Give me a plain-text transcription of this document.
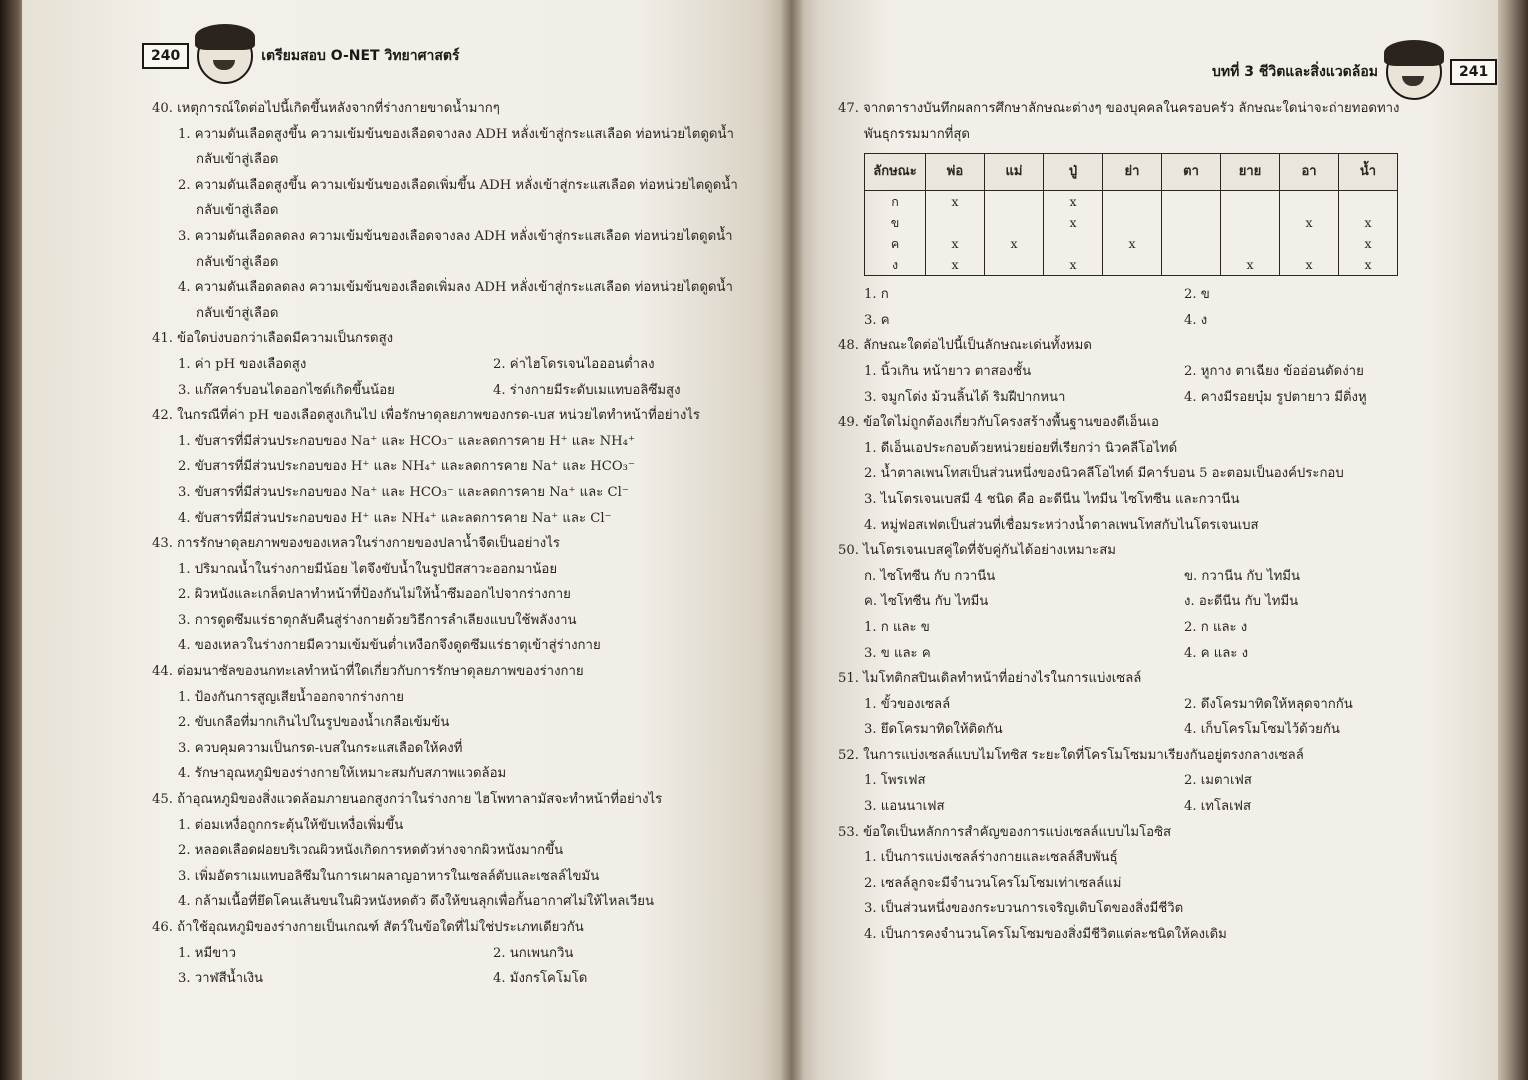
240	เตรียมสอบ O-NET วิทยาศาสตร์

40. เหตุการณ์ใดต่อไปนี้เกิดขึ้นหลังจากที่ร่างกายขาดน้ำมากๆ

1. ความดันเลือดสูงขึ้น ความเข้มข้นของเลือดจางลง ADH หลั่งเข้าสู่กระแสเลือด ท่อหน่วยไตดูดน้ำ

กลับเข้าสู่เลือด

2. ความดันเลือดสูงขึ้น ความเข้มข้นของเลือดเพิ่มขึ้น ADH หลั่งเข้าสู่กระแสเลือด ท่อหน่วยไตดูดน้ำ

กลับเข้าสู่เลือด

3. ความดันเลือดลดลง ความเข้มข้นของเลือดจางลง ADH หลั่งเข้าสู่กระแสเลือด ท่อหน่วยไตดูดน้ำ

กลับเข้าสู่เลือด

4. ความดันเลือดลดลง ความเข้มข้นของเลือดเพิ่มลง ADH หลั่งเข้าสู่กระแสเลือด ท่อหน่วยไตดูดน้ำ

กลับเข้าสู่เลือด

41. ข้อใดบ่งบอกว่าเลือดมีความเป็นกรดสูง

1. ค่า pH ของเลือดสูง	2. ค่าไฮโดรเจนไอออนต่ำลง

3. แก๊สคาร์บอนไดออกไซด์เกิดขึ้นน้อย	4. ร่างกายมีระดับเมแทบอลิซึมสูง

42. ในกรณีที่ค่า pH ของเลือดสูงเกินไป เพื่อรักษาดุลยภาพของกรด-เบส หน่วยไตทำหน้าที่อย่างไร

1. ขับสารที่มีส่วนประกอบของ Na⁺ และ HCO₃⁻ และลดการคาย H⁺ และ NH₄⁺

2. ขับสารที่มีส่วนประกอบของ H⁺ และ NH₄⁺ และลดการคาย Na⁺ และ HCO₃⁻

3. ขับสารที่มีส่วนประกอบของ Na⁺ และ HCO₃⁻ และลดการคาย Na⁺ และ Cl⁻

4. ขับสารที่มีส่วนประกอบของ H⁺ และ NH₄⁺ และลดการคาย Na⁺ และ Cl⁻

43. การรักษาดุลยภาพของของเหลวในร่างกายของปลาน้ำจืดเป็นอย่างไร

1. ปริมาณน้ำในร่างกายมีน้อย ไตจึงขับน้ำในรูปปัสสาวะออกมาน้อย

2. ผิวหนังและเกล็ดปลาทำหน้าที่ป้องกันไม่ให้น้ำซึมออกไปจากร่างกาย

3. การดูดซึมแร่ธาตุกลับคืนสู่ร่างกายด้วยวิธีการลำเลียงแบบใช้พลังงาน

4. ของเหลวในร่างกายมีความเข้มข้นต่ำเหงือกจึงดูดซึมแร่ธาตุเข้าสู่ร่างกาย

44. ต่อมนาซัลของนกทะเลทำหน้าที่ใดเกี่ยวกับการรักษาดุลยภาพของร่างกาย

1. ป้องกันการสูญเสียน้ำออกจากร่างกาย

2. ขับเกลือที่มากเกินไปในรูปของน้ำเกลือเข้มข้น

3. ควบคุมความเป็นกรด-เบสในกระแสเลือดให้คงที่

4. รักษาอุณหภูมิของร่างกายให้เหมาะสมกับสภาพแวดล้อม

45. ถ้าอุณหภูมิของสิ่งแวดล้อมภายนอกสูงกว่าในร่างกาย ไฮโพทาลามัสจะทำหน้าที่อย่างไร

1. ต่อมเหงื่อถูกกระตุ้นให้ขับเหงื่อเพิ่มขึ้น

2. หลอดเลือดฝอยบริเวณผิวหนังเกิดการหดตัวห่างจากผิวหนังมากขึ้น

3. เพิ่มอัตราเมแทบอลิซึมในการเผาผลาญอาหารในเซลล์ตับและเซลล์ไขมัน

4. กล้ามเนื้อที่ยึดโคนเส้นขนในผิวหนังหดตัว ดึงให้ขนลุกเพื่อกั้นอากาศไม่ให้ไหลเวียน

46. ถ้าใช้อุณหภูมิของร่างกายเป็นเกณฑ์ สัตว์ในข้อใดที่ไม่ใช่ประเภทเดียวกัน

1. หมีขาว	2. นกเพนกวิน

3. วาฬสีน้ำเงิน	4. มังกรโคโมโด

บทที่ 3 ชีวิตและสิ่งแวดล้อม	241

47. จากตารางบันทึกผลการศึกษาลักษณะต่างๆ ของบุคคลในครอบครัว ลักษณะใดน่าจะถ่ายทอดทาง

พันธุกรรมมากที่สุด

ลักษณะ	พ่อ	แม่	ปู่	ย่า	ตา	ยาย	อา	น้ำ
ก	x		x					
ข			x				x	x
ค	x	x		x				x
ง	x		x			x	x	x

1. ก	2. ข

3. ค	4. ง

48. ลักษณะใดต่อไปนี้เป็นลักษณะเด่นทั้งหมด

1. นิ้วเกิน หน้ายาว ตาสองชั้น	2. หูกาง ตาเฉียง ข้ออ่อนดัดง่าย

3. จมูกโด่ง ม้วนลิ้นได้ ริมฝีปากหนา	4. คางมีรอยบุ๋ม รูปตายาว มีติ่งหู

49. ข้อใดไม่ถูกต้องเกี่ยวกับโครงสร้างพื้นฐานของดีเอ็นเอ

1. ดีเอ็นเอประกอบด้วยหน่วยย่อยที่เรียกว่า นิวคลีโอไทด์

2. น้ำตาลเพนโทสเป็นส่วนหนึ่งของนิวคลีโอไทด์ มีคาร์บอน 5 อะตอมเป็นองค์ประกอบ

3. ไนโตรเจนเบสมี 4 ชนิด คือ อะดีนีน ไทมีน ไซโทซีน และกวานีน

4. หมู่ฟอสเฟตเป็นส่วนที่เชื่อมระหว่างน้ำตาลเพนโทสกับไนโตรเจนเบส

50. ไนโตรเจนเบสคู่ใดที่จับคู่กันได้อย่างเหมาะสม

ก. ไซโทซีน กับ กวานีน	ข. กวานีน กับ ไทมีน

ค. ไซโทซีน กับ ไทมีน	ง. อะดีนีน กับ ไทมีน

1. ก และ ข	2. ก และ ง

3. ข และ ค	4. ค และ ง

51. ไมโทติกสปินเดิลทำหน้าที่อย่างไรในการแบ่งเซลล์

1. ขั้วของเซลล์	2. ดึงโครมาทิดให้หลุดจากกัน

3. ยึดโครมาทิดให้ติดกัน	4. เก็บโครโมโซมไว้ด้วยกัน

52. ในการแบ่งเซลล์แบบไมโทซิส ระยะใดที่โครโมโซมมาเรียงกันอยู่ตรงกลางเซลล์

1. โพรเฟส	2. เมตาเฟส

3. แอนนาเฟส	4. เทโลเฟส

53. ข้อใดเป็นหลักการสำคัญของการแบ่งเซลล์แบบไมโอซิส

1. เป็นการแบ่งเซลล์ร่างกายและเซลล์สืบพันธุ์

2. เซลล์ลูกจะมีจำนวนโครโมโซมเท่าเซลล์แม่

3. เป็นส่วนหนึ่งของกระบวนการเจริญเติบโตของสิ่งมีชีวิต

4. เป็นการคงจำนวนโครโมโซมของสิ่งมีชีวิตแต่ละชนิดให้คงเดิม
